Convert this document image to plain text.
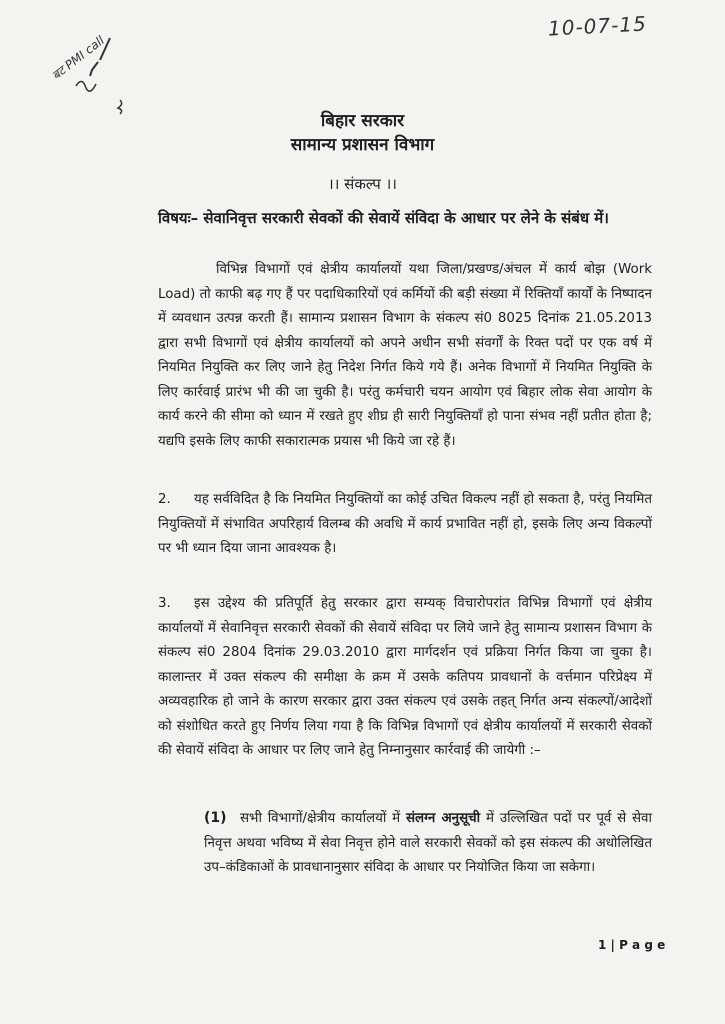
10-07-15
बट PMI call
बिहार सरकार
सामान्य प्रशासन विभाग
।। संकल्प ।।
विषयः– सेवानिवृत्त सरकारी सेवकों की सेवायें संविदा के आधार पर लेने के संबंध में।
विभिन्न विभागों एवं क्षेत्रीय कार्यालयों यथा जिला/प्रखण्ड/अंचल में कार्य बोझ (Work Load) तो काफी बढ़ गए हैं पर पदाधिकारियों एवं कर्मियों की बड़ी संख्या में रिक्तियाँ कार्यों के निष्पादन में व्यवधान उत्पन्न करती हैं। सामान्य प्रशासन विभाग के संकल्प सं0 8025 दिनांक 21.05.2013 द्वारा सभी विभागों एवं क्षेत्रीय कार्यालयों को अपने अधीन सभी संवर्गों के रिक्त पदों पर एक वर्ष में नियमित नियुक्ति कर लिए जाने हेतु निदेश निर्गत किये गये हैं। अनेक विभागों में नियमित नियुक्ति के लिए कार्रवाई प्रारंभ भी की जा चुकी है। परंतु कर्मचारी चयन आयोग एवं बिहार लोक सेवा आयोग के कार्य करने की सीमा को ध्यान में रखते हुए शीघ्र ही सारी नियुक्तियाँ हो पाना संभव नहीं प्रतीत होता है; यद्यपि इसके लिए काफी सकारात्मक प्रयास भी किये जा रहे हैं।
2. यह सर्वविदित है कि नियमित नियुक्तियों का कोई उचित विकल्प नहीं हो सकता है, परंतु नियमित नियुक्तियों में संभावित अपरिहार्य विलम्ब की अवधि में कार्य प्रभावित नहीं हो, इसके लिए अन्य विकल्पों पर भी ध्यान दिया जाना आवश्यक है।
3. इस उद्देश्य की प्रतिपूर्ति हेतु सरकार द्वारा सम्यक् विचारोपरांत विभिन्न विभागों एवं क्षेत्रीय कार्यालयों में सेवानिवृत्त सरकारी सेवकों की सेवायें संविदा पर लिये जाने हेतु सामान्य प्रशासन विभाग के संकल्प सं0 2804 दिनांक 29.03.2010 द्वारा मार्गदर्शन एवं प्रक्रिया निर्गत किया जा चुका है। कालान्तर में उक्त संकल्प की समीक्षा के क्रम में उसके कतिपय प्रावधानों के वर्त्तमान परिप्रेक्ष्य में अव्यवहारिक हो जाने के कारण सरकार द्वारा उक्त संकल्प एवं उसके तहत् निर्गत अन्य संकल्पों/आदेशों को संशोधित करते हुए निर्णय लिया गया है कि विभिन्न विभागों एवं क्षेत्रीय कार्यालयों में सरकारी सेवकों की सेवायें संविदा के आधार पर लिए जाने हेतु निम्नानुसार कार्रवाई की जायेगी :–
(1) सभी विभागों/क्षेत्रीय कार्यालयों में संलग्न अनुसूची में उल्लिखित पदों पर पूर्व से सेवा निवृत्त अथवा भविष्य में सेवा निवृत्त होने वाले सरकारी सेवकों को इस संकल्प की अधोलिखित उप–कंडिकाओं के प्रावधानानुसार संविदा के आधार पर नियोजित किया जा सकेगा।
1 | P a g e
